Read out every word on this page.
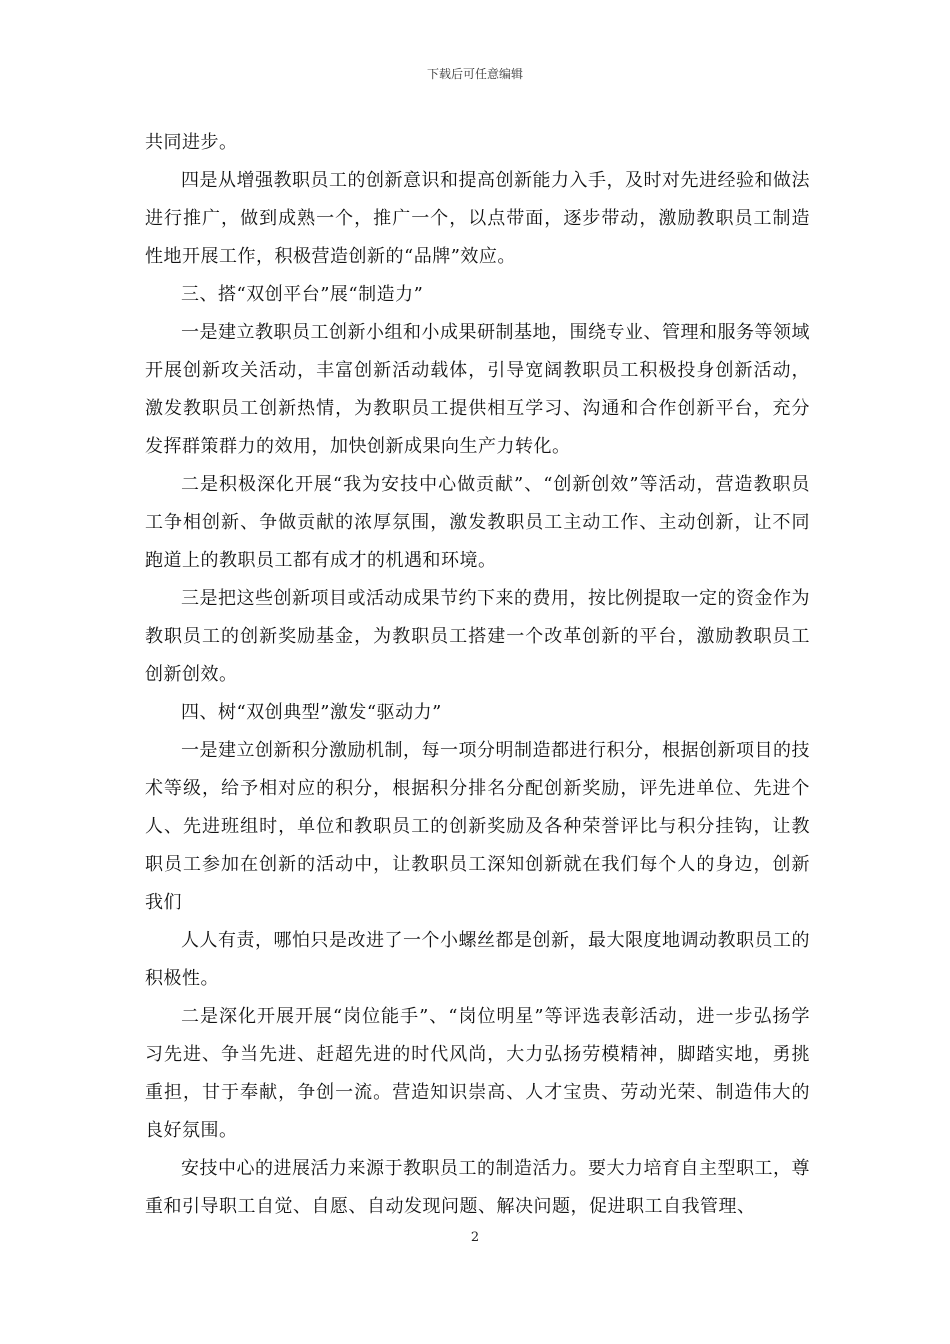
下载后可任意编辑

共同进步。

四是从增强教职员工的创新意识和提高创新能力入手，及时对先进经验和做法进行推广，做到成熟一个，推广一个，以点带面，逐步带动，激励教职员工制造性地开展工作，积极营造创新的“品牌”效应。

三、搭“双创平台”展“制造力”

一是建立教职员工创新小组和小成果研制基地，围绕专业、管理和服务等领域开展创新攻关活动，丰富创新活动载体，引导宽阔教职员工积极投身创新活动，激发教职员工创新热情，为教职员工提供相互学习、沟通和合作创新平台，充分发挥群策群力的效用，加快创新成果向生产力转化。

二是积极深化开展“我为安技中心做贡献”、“创新创效”等活动，营造教职员工争相创新、争做贡献的浓厚氛围，激发教职员工主动工作、主动创新，让不同跑道上的教职员工都有成才的机遇和环境。

三是把这些创新项目或活动成果节约下来的费用，按比例提取一定的资金作为教职员工的创新奖励基金，为教职员工搭建一个改革创新的平台，激励教职员工创新创效。

四、树“双创典型”激发“驱动力”

一是建立创新积分激励机制，每一项分明制造都进行积分，根据创新项目的技术等级，给予相对应的积分，根据积分排名分配创新奖励，评先进单位、先进个人、先进班组时，单位和教职员工的创新奖励及各种荣誉评比与积分挂钩，让教职员工参加在创新的活动中，让教职员工深知创新就在我们每个人的身边，创新我们

人人有责，哪怕只是改进了一个小螺丝都是创新，最大限度地调动教职员工的积极性。

二是深化开展开展“岗位能手”、“岗位明星”等评选表彰活动，进一步弘扬学习先进、争当先进、赶超先进的时代风尚，大力弘扬劳模精神，脚踏实地，勇挑重担，甘于奉献，争创一流。营造知识崇高、人才宝贵、劳动光荣、制造伟大的良好氛围。

安技中心的进展活力来源于教职员工的制造活力。要大力培育自主型职工，尊重和引导职工自觉、自愿、自动发现问题、解决问题，促进职工自我管理、

2
